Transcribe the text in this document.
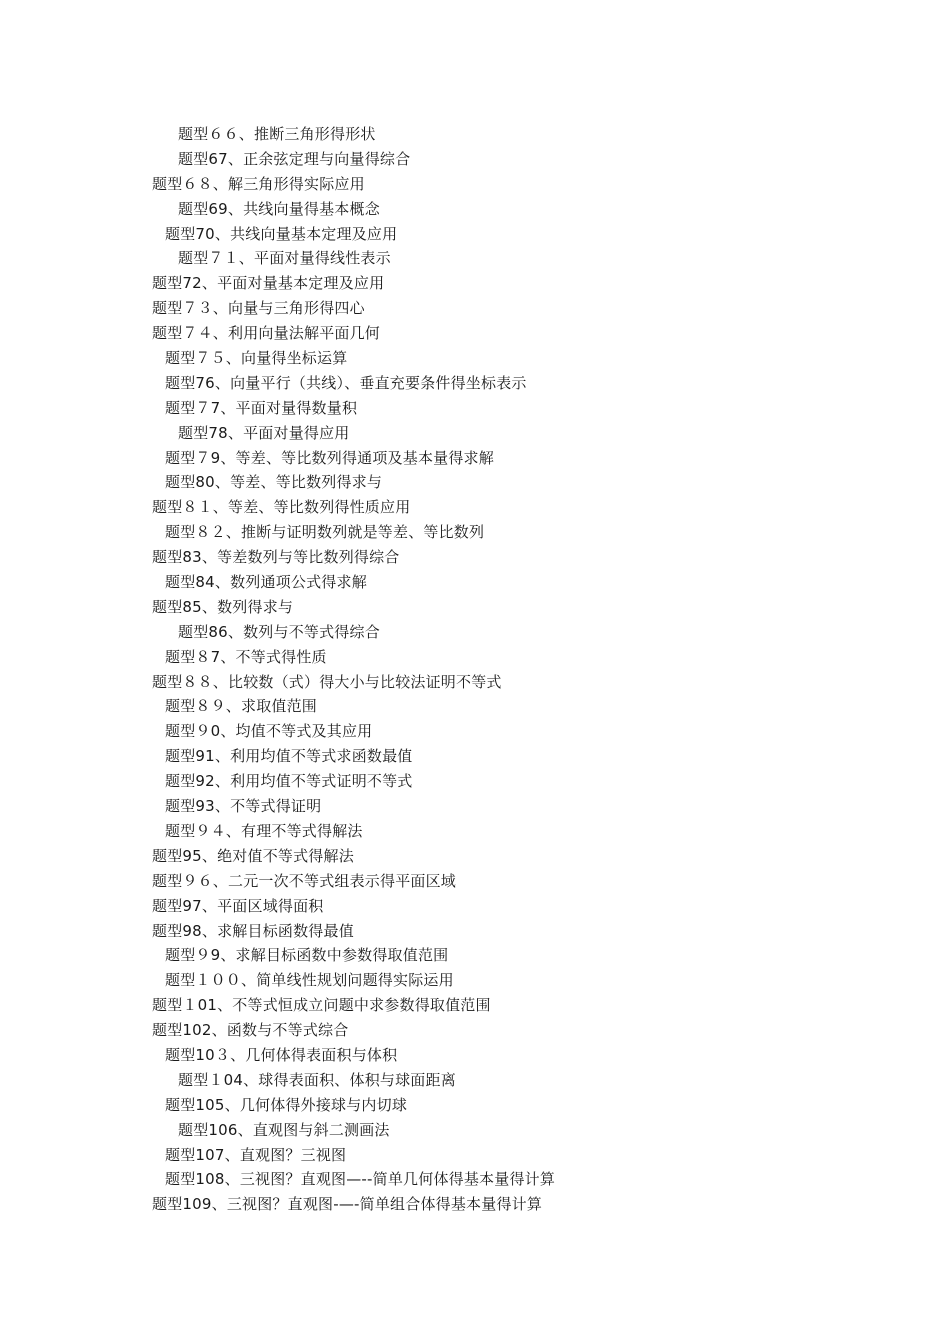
题型６６、推断三角形得形状
题型67、正余弦定理与向量得综合
题型６８、解三角形得实际应用
题型69、共线向量得基本概念
题型70、共线向量基本定理及应用
题型７１、平面对量得线性表示
题型72、平面对量基本定理及应用
题型７３、向量与三角形得四心
题型７４、利用向量法解平面几何
题型７５、向量得坐标运算
题型76、向量平行（共线）、垂直充要条件得坐标表示
题型７7、平面对量得数量积
题型78、平面对量得应用
题型７9、等差、等比数列得通项及基本量得求解
题型80、等差、等比数列得求与
题型８１、等差、等比数列得性质应用
题型８２、推断与证明数列就是等差、等比数列
题型83、等差数列与等比数列得综合
题型84、数列通项公式得求解
题型85、数列得求与
题型86、数列与不等式得综合
题型８7、不等式得性质
题型８８、比较数（式）得大小与比较法证明不等式
题型８９、求取值范围
题型９0、均值不等式及其应用
题型91、利用均值不等式求函数最值
题型92、利用均值不等式证明不等式
题型93、不等式得证明
题型９４、有理不等式得解法
题型95、绝对值不等式得解法
题型９６、二元一次不等式组表示得平面区域
题型97、平面区域得面积
题型98、求解目标函数得最值
题型９9、求解目标函数中参数得取值范围
题型１００、简单线性规划问题得实际运用
题型１01、不等式恒成立问题中求参数得取值范围
题型102、函数与不等式综合
题型10３、几何体得表面积与体积
题型１04、球得表面积、体积与球面距离
题型105、几何体得外接球与内切球
题型106、直观图与斜二测画法
题型107、直观图？三视图
题型108、三视图？直观图—--简单几何体得基本量得计算
题型109、三视图？直观图-—-简单组合体得基本量得计算
